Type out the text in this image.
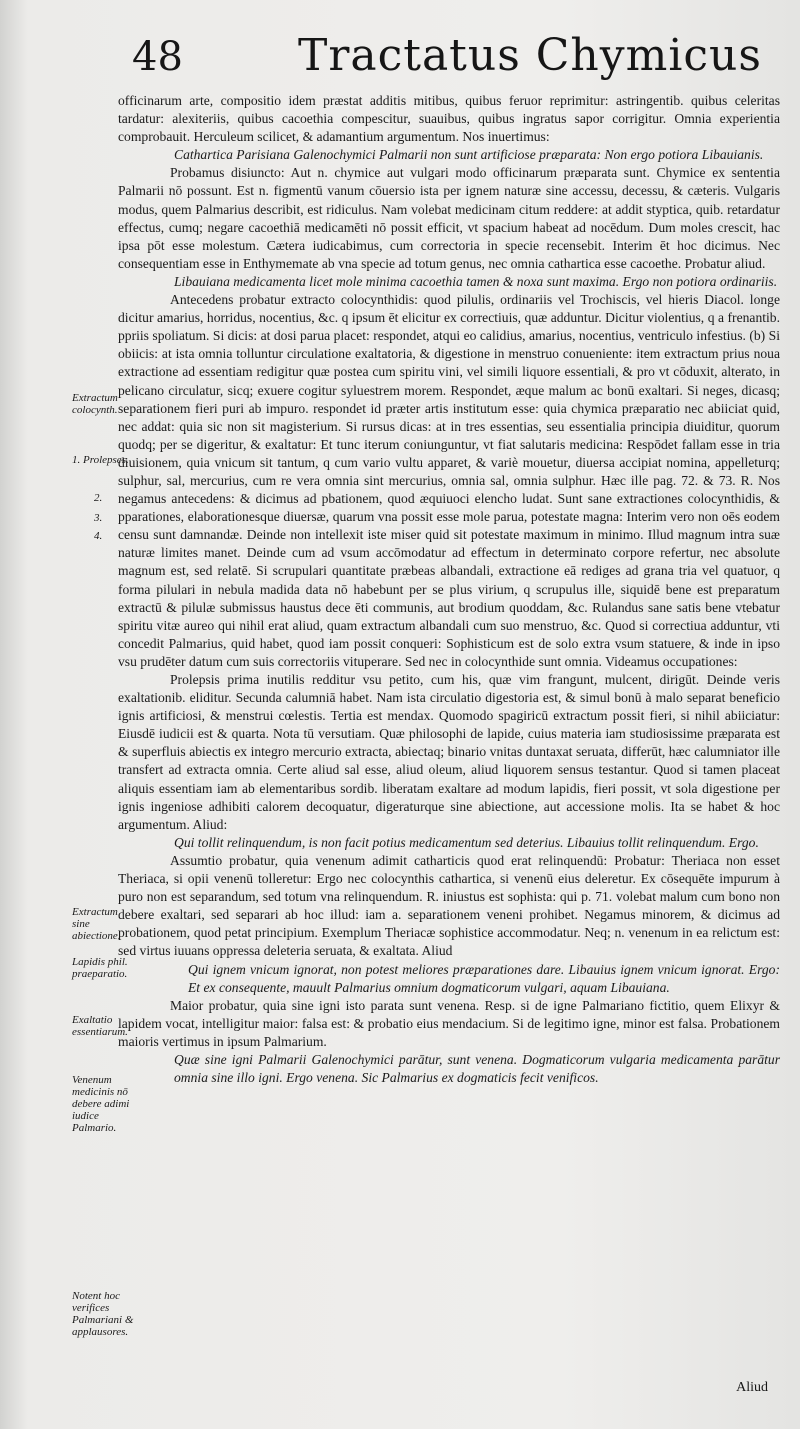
48	Tractatus Chymicus
Extractum colocynth.
1. Prolepses.
2.
3.
4.
Extractum sine abiectione.
Lapidis phil. praeparatio.
Exaltatio essentiarum.
Venenum medicinis nō debere adimi iudice Palmario.
Notent hoc verifices Palmariani & applausores.

officinarum arte, compositio idem præstat additis mitibus, quibus feruor reprimitur: astringentib. quibus celeritas tardatur: alexiteriis, quibus cacoethia compescitur, suauibus, quibus ingratus sapor corrigitur. Omnia experientia comprobauit. Herculeum scilicet, & adamantium argumentum. Nos inuertimus:

Cathartica Parisiana Galenochymici Palmarii non sunt artificiose præparata: Non ergo potiora Libauianis.

Probamus disiuncto: Aut n. chymice aut vulgari modo officinarum præparata sunt. Chymice ex sententia Palmarii nō possunt. Est n. figmentū vanum cōuersio ista per ignem naturæ sine accessu, decessu, & cæteris. Vulgaris modus, quem Palmarius describit, est ridiculus. Nam volebat medicinam citum reddere: at addit styptica, quib. retardatur effectus, cumq; negare cacoethiā medicamēti nō possit efficit, vt spacium habeat ad nocēdum. Dum moles crescit, hac ipsa pōt esse molestum. Cætera iudicabimus, cum correctoria in specie recensebit. Interim ēt hoc dicimus. Nec consequentiam esse in Enthymemate ab vna specie ad totum genus, nec omnia cathartica esse cacoethe. Probatur aliud.

Libauiana medicamenta licet mole minima cacoethia tamen & noxa sunt maxima. Ergo non potiora ordinariis.

Antecedens probatur extracto colocynthidis: quod pilulis, ordinariis vel Trochiscis, vel hieris Diacol. longe dicitur amarius, horridus, nocentius, &c. q ipsum ēt elicitur ex correctiuis, quæ adduntur. Dicitur violentius, q a frenantib. ppriis spoliatum. Si dicis: at dosi parua placet: respondet, atqui eo calidius, amarius, nocentius, ventriculo infestius. (b) Si obiicis: at ista omnia tolluntur circulatione exaltatoria, & digestione in menstruo conueniente: item extractum prius noua extractione ad essentiam redigitur quæ postea cum spiritu vini, vel simili liquore essentiali, & pro vt cōduxit, alterato, in pelicano circulatur, sicq; exuere cogitur syluestrem morem. Respondet, æque malum ac bonū exaltari. Si neges, dicasq; separationem fieri puri ab impuro. respondet id præter artis institutum esse: quia chymica præparatio nec abiiciat quid, nec addat: quia sic non sit magisterium. Si rursus dicas: at in tres essentias, seu essentialia principia diuiditur, quorum quodq; per se digeritur, & exaltatur: Et tunc iterum coniunguntur, vt fiat salutaris medicina: Respōdet fallam esse in tria diuisionem, quia vnicum sit tantum, q cum vario vultu apparet, & variè mouetur, diuersa accipiat nomina, appelleturq; sulphur, sal, mercurius, cum re vera omnia sint mercurius, omnia sal, omnia sulphur. Hæc ille pag. 72. & 73. R. Nos negamus antecedens: & dicimus ad pbationem, quod æquiuoci elencho ludat. Sunt sane extractiones colocynthidis, & pparationes, elaborationesque diuersæ, quarum vna possit esse mole parua, potestate magna: Interim vero non oēs eodem censu sunt damnandæ. Deinde non intellexit iste miser quid sit potestate maximum in minimo. Illud magnum intra suæ naturæ limites manet. Deinde cum ad vsum accōmodatur ad effectum in determinato corpore refertur, nec absolute magnum est, sed relatē. Si scrupulari quantitate præbeas albandali, extractione eā rediges ad grana tria vel quatuor, q forma pilulari in nebula madida data nō habebunt per se plus virium, q scrupulus ille, siquidē bene est preparatum extractū & pilulæ submissus haustus dece ēti communis, aut brodium quoddam, &c. Rulandus sane satis bene vtebatur spiritu vitæ aureo qui nihil erat aliud, quam extractum albandali cum suo menstruo, &c. Quod si correctiua adduntur, vti concedit Palmarius, quid habet, quod iam possit conqueri: Sophisticum est de solo extra vsum statuere, & inde in ipso vsu prudēter datum cum suis correctoriis vituperare. Sed nec in colocynthide sunt omnia. Videamus occupationes:

Prolepsis prima inutilis redditur vsu petito, cum his, quæ vim frangunt, mulcent, dirigūt. Deinde veris exaltationib. eliditur. Secunda calumniā habet. Nam ista circulatio digestoria est, & simul bonū à malo separat beneficio ignis artificiosi, & menstrui cœlestis. Tertia est mendax. Quomodo spagiricū extractum possit fieri, si nihil abiiciatur: Eiusdē iudicii est & quarta. Nota tū versutiam. Quæ philosophi de lapide, cuius materia iam studiosissime præparata est & superfluis abiectis ex integro mercurio extracta, abiectaq; binario vnitas duntaxat seruata, differūt, hæc calumniator ille transfert ad extracta omnia. Certe aliud sal esse, aliud oleum, aliud liquorem sensus testantur. Quod si tamen placeat aliquis essentiam iam ab elementaribus sordib. liberatam exaltare ad modum lapidis, fieri possit, vt sola digestione per ignis ingeniose adhibiti calorem decoquatur, digeraturque sine abiectione, aut accessione molis. Ita se habet & hoc argumentum. Aliud:

Qui tollit relinquendum, is non facit potius medicamentum sed deterius. Libauius tollit relinquendum. Ergo.

Assumtio probatur, quia venenum adimit catharticis quod erat relinquendū: Probatur: Theriaca non esset Theriaca, si opii venenū tolleretur: Ergo nec colocynthis cathartica, si venenū eius deleretur. Ex cōsequēte impurum à puro non est separandum, sed totum vna relinquendum. R. iniustus est sophista: qui p. 71. volebat malum cum bono non debere exaltari, sed separari ab hoc illud: iam a. separationem veneni prohibet. Negamus minorem, & dicimus ad probationem, quod petat principium. Exemplum Theriacæ sophistice accommodatur. Neq; n. venenum in ea relictum est: sed virtus iuuans oppressa deleteria seruata, & exaltata. Aliud

Qui ignem vnicum ignorat, non potest meliores præparationes dare. Libauius ignem vnicum ignorat. Ergo: Et ex consequente, mauult Palmarius omnium dogmaticorum vulgari, aquam Libauiana.

Maior probatur, quia sine igni isto parata sunt venena. Resp. si de igne Palmariano fictitio, quem Elixyr & lapidem vocat, intelligitur maior: falsa est: & probatio eius mendacium. Si de legitimo igne, minor est falsa. Probationem maioris vertimus in ipsum Palmarium.

Quæ sine igni Palmarii Galenochymici parātur, sunt venena. Dogmaticorum vulgaria medicamenta parātur omnia sine illo igni. Ergo venena. Sic Palmarius ex dogmaticis fecit venificos.

Aliud
